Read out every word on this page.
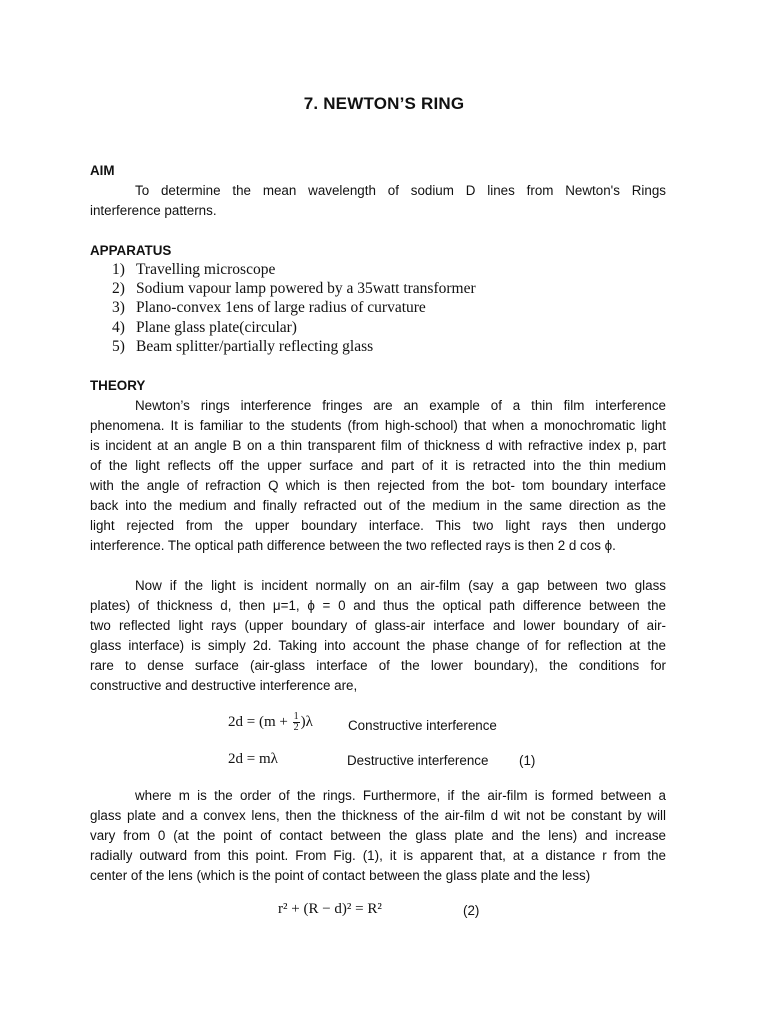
7. NEWTON’S RING
AIM
To determine the mean wavelength of sodium D lines from Newton's Rings
interference patterns.
APPARATUS
1) Travelling microscope
2) Sodium vapour lamp powered by a 35watt transformer
3) Plano-convex 1ens of large radius of curvature
4) Plane glass plate(circular)
5) Beam splitter/partially reflecting glass
THEORY
Newton’s rings interference fringes are an example of a thin film interference
phenomena. It is familiar to the students (from high-school) that when a monochromatic light
is incident at an angle B on a thin transparent film of thickness d with refractive index p, part
of the light reflects off the upper surface and part of it is retracted into the thin medium
with the angle of refraction Q which is then rejected from the bot- tom boundary interface
back into the medium and finally refracted out of the medium in the same direction as the
light rejected from the upper boundary interface. This two light rays then undergo
interference. The optical path difference between the two reflected rays is then 2 d cos ϕ.
Now if the light is incident normally on an air-film (say a gap between two glass
plates) of thickness d, then μ=1, ϕ = 0 and thus the optical path difference between the
two reflected light rays (upper boundary of glass-air interface and lower boundary of air-
glass interface) is simply 2d. Taking into account the phase change of for reflection at the
rare to dense surface (air-glass interface of the lower boundary), the conditions for
constructive and destructive interference are,
$2d = (m + \frac{1}{2} )\lambda$	Constructive interference
2d = mλ	Destructive interference (1)
where m is the order of the rings. Furthermore, if the air-film is formed between a
glass plate and a convex lens, then the thickness of the air-film d wit not be constant by will
vary from 0 (at the point of contact between the glass plate and the lens) and increase
radially outward from this point. From Fig. (1), it is apparent that, at a distance r from the
center of the lens (which is the point of contact between the glass plate and the less)
r² + (R − d)² = R²	(2)
